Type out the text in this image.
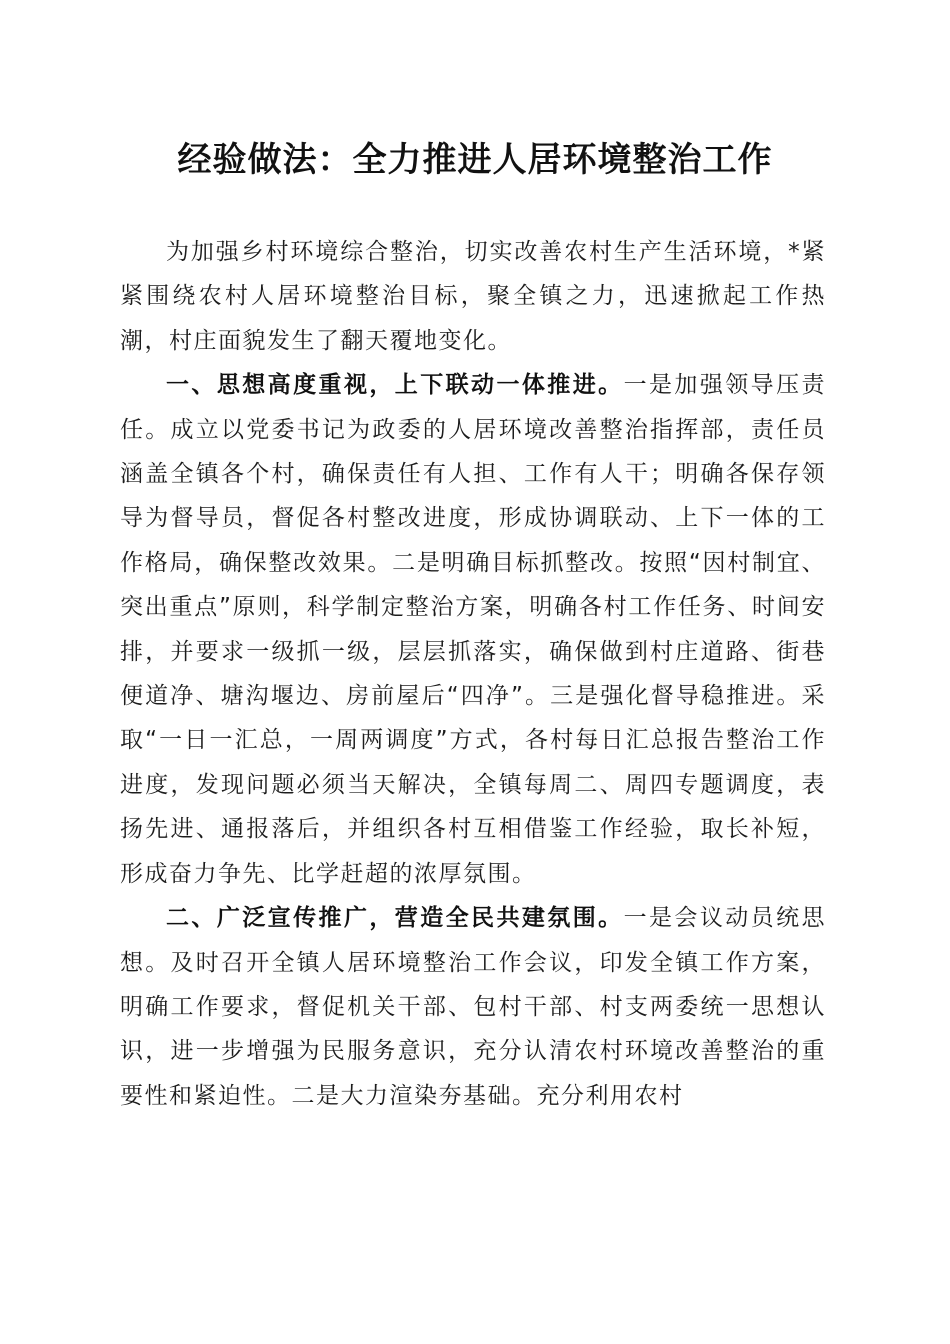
经验做法：全力推进人居环境整治工作

为加强乡村环境综合整治，切实改善农村生产生活环境，*紧紧围绕农村人居环境整治目标，聚全镇之力，迅速掀起工作热潮，村庄面貌发生了翻天覆地变化。

一、思想高度重视，上下联动一体推进。一是加强领导压责任。成立以党委书记为政委的人居环境改善整治指挥部，责任员涵盖全镇各个村，确保责任有人担、工作有人干；明确各保存领导为督导员，督促各村整改进度，形成协调联动、上下一体的工作格局，确保整改效果。二是明确目标抓整改。按照“因村制宜、突出重点”原则，科学制定整治方案，明确各村工作任务、时间安排，并要求一级抓一级，层层抓落实，确保做到村庄道路、街巷便道净、塘沟堰边、房前屋后“四净”。三是强化督导稳推进。采取“一日一汇总，一周两调度”方式，各村每日汇总报告整治工作进度，发现问题必须当天解决，全镇每周二、周四专题调度，表扬先进、通报落后，并组织各村互相借鉴工作经验，取长补短，形成奋力争先、比学赶超的浓厚氛围。

二、广泛宣传推广，营造全民共建氛围。一是会议动员统思想。及时召开全镇人居环境整治工作会议，印发全镇工作方案，明确工作要求，督促机关干部、包村干部、村支两委统一思想认识，进一步增强为民服务意识，充分认清农村环境改善整治的重要性和紧迫性。二是大力渲染夯基础。充分利用农村
